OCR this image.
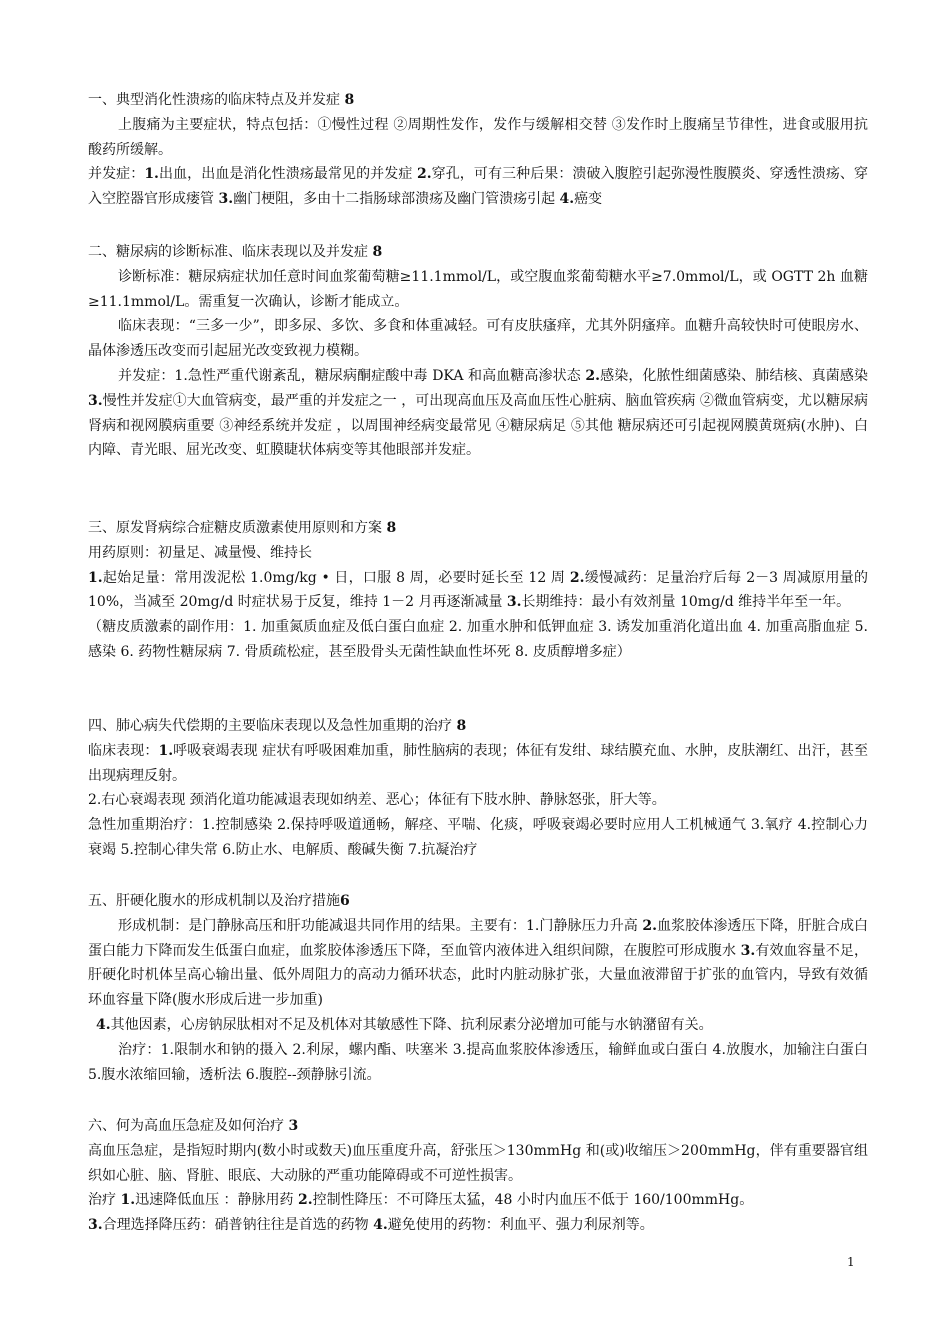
一、典型消化性溃疡的临床特点及并发症 8

上腹痛为主要症状，特点包括：①慢性过程 ②周期性发作，发作与缓解相交替 ③发作时上腹痛呈节律性，进食或服用抗酸药所缓解。

并发症：1.出血，出血是消化性溃疡最常见的并发症 2.穿孔，可有三种后果：溃破入腹腔引起弥漫性腹膜炎、穿透性溃疡、穿入空腔器官形成瘘管 3.幽门梗阻，多由十二指肠球部溃疡及幽门管溃疡引起 4.癌变

二、糖尿病的诊断标准、临床表现以及并发症 8

诊断标准：糖尿病症状加任意时间血浆葡萄糖≥11.1mmol/L，或空腹血浆葡萄糖水平≥7.0mmol/L，或 OGTT 2h 血糖≥11.1mmol/L。需重复一次确认，诊断才能成立。

临床表现：“三多一少”，即多尿、多饮、多食和体重减轻。可有皮肤瘙痒，尤其外阴瘙痒。血糖升高较快时可使眼房水、晶体渗透压改变而引起屈光改变致视力模糊。

并发症：1.急性严重代谢紊乱，糖尿病酮症酸中毒 DKA 和高血糖高渗状态 2.感染，化脓性细菌感染、肺结核、真菌感染 3.慢性并发症①大血管病变，最严重的并发症之一 ，可出现高血压及高血压性心脏病、脑血管疾病 ②微血管病变，尤以糖尿病肾病和视网膜病重要 ③神经系统并发症 ，以周围神经病变最常见 ④糖尿病足 ⑤其他 糖尿病还可引起视网膜黄斑病(水肿)、白内障、青光眼、屈光改变、虹膜睫状体病变等其他眼部并发症。

三、原发肾病综合症糖皮质激素使用原则和方案 8

用药原则：初量足、减量慢、维持长

1.起始足量：常用泼泥松 1.0mg/kg • 日，口服 8 周，必要时延长至 12 周 2.缓慢减药：足量治疗后每 2－3 周减原用量的 10%，当减至 20mg/d 时症状易于反复，维持 1－2 月再逐渐减量 3.长期维持：最小有效剂量 10mg/d 维持半年至一年。

（糖皮质激素的副作用：1. 加重氮质血症及低白蛋白血症 2. 加重水肿和低钾血症 3. 诱发加重消化道出血 4. 加重高脂血症 5. 感染 6. 药物性糖尿病 7. 骨质疏松症，甚至股骨头无菌性缺血性坏死 8. 皮质醇增多症）

四、肺心病失代偿期的主要临床表现以及急性加重期的治疗 8

临床表现：1.呼吸衰竭表现 症状有呼吸困难加重，肺性脑病的表现；体征有发绀、球结膜充血、水肿，皮肤潮红、出汗，甚至出现病理反射。

2.右心衰竭表现 颈消化道功能减退表现如纳差、恶心；体征有下肢水肿、静脉怒张，肝大等。

急性加重期治疗：1.控制感染 2.保持呼吸道通畅，解痉、平喘、化痰，呼吸衰竭必要时应用人工机械通气 3.氧疗 4.控制心力衰竭 5.控制心律失常 6.防止水、电解质、酸碱失衡 7.抗凝治疗

五、肝硬化腹水的形成机制以及治疗措施6

形成机制：是门静脉高压和肝功能减退共同作用的结果。主要有：1.门静脉压力升高 2.血浆胶体渗透压下降，肝脏合成白蛋白能力下降而发生低蛋白血症，血浆胶体渗透压下降，至血管内液体进入组织间隙，在腹腔可形成腹水 3.有效血容量不足，肝硬化时机体呈高心输出量、低外周阻力的高动力循环状态，此时内脏动脉扩张，大量血液滞留于扩张的血管内，导致有效循环血容量下降(腹水形成后进一步加重)

4.其他因素，心房钠尿肽相对不足及机体对其敏感性下降、抗利尿素分泌增加可能与水钠潴留有关。

治疗：1.限制水和钠的摄入 2.利尿，螺内酯、呋塞米 3.提高血浆胶体渗透压，输鲜血或白蛋白 4.放腹水，加输注白蛋白 5.腹水浓缩回输，透析法 6.腹腔--颈静脉引流。

六、何为高血压急症及如何治疗 3

高血压急症，是指短时期内(数小时或数天)血压重度升高，舒张压＞130mmHg 和(或)收缩压＞200mmHg，伴有重要器官组织如心脏、脑、肾脏、眼底、大动脉的严重功能障碍或不可逆性损害。

治疗 1.迅速降低血压 ：静脉用药 2.控制性降压：不可降压太猛，48 小时内血压不低于 160/100mmHg。

3.合理选择降压药：硝普钠往往是首选的药物 4.避免使用的药物：利血平、强力利尿剂等。

1
